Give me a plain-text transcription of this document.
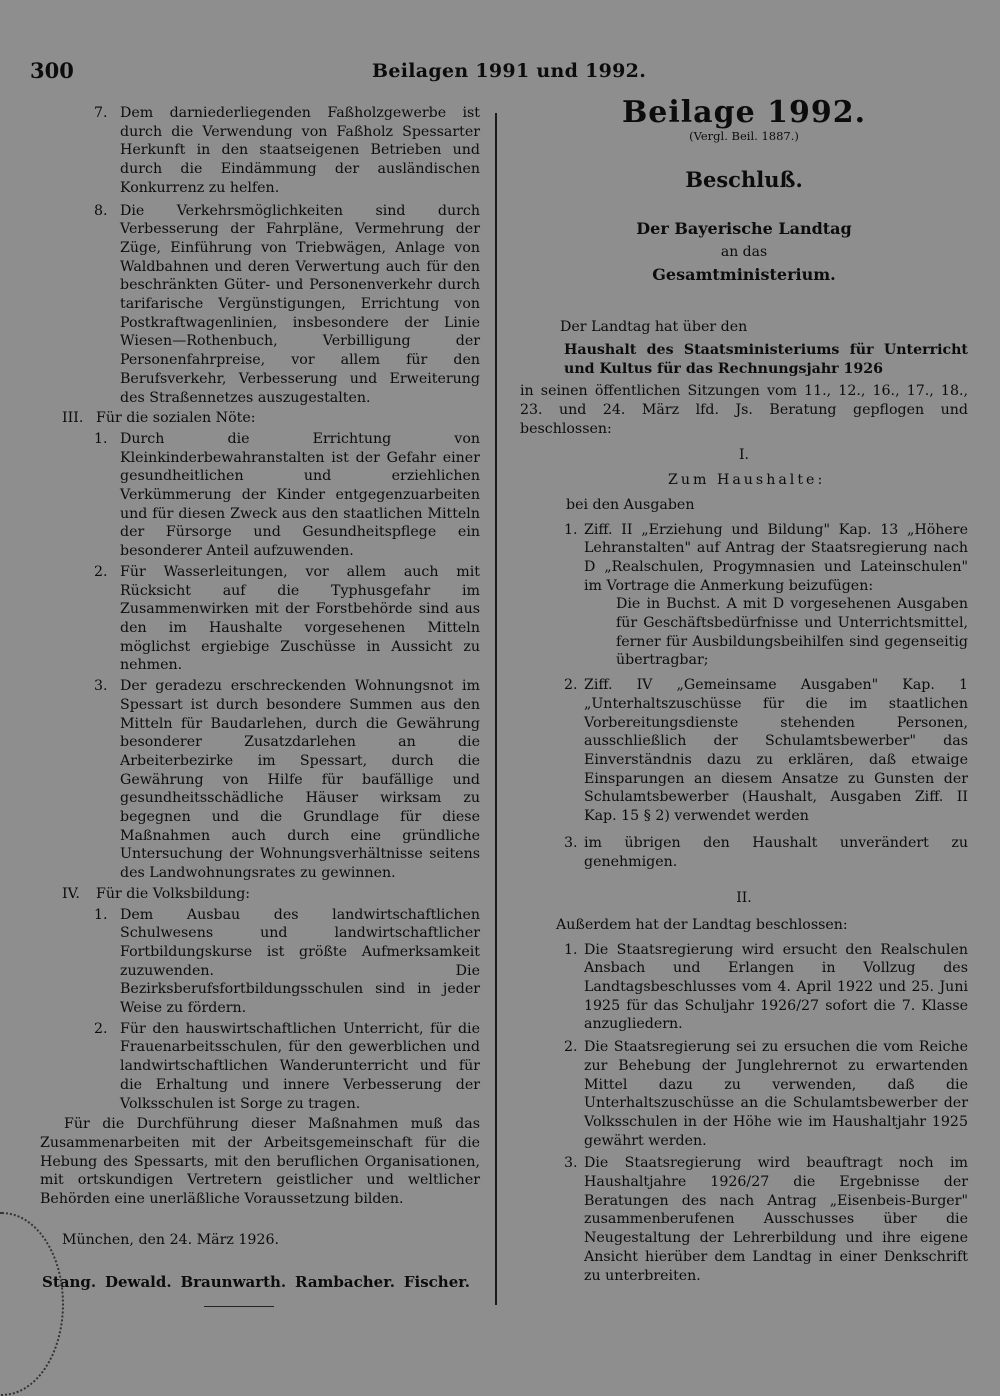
300	Beilagen 1991 und 1992.

7. Dem darniederliegenden Faßholzgewerbe ist durch die Verwendung von Faßholz Spessarter Herkunft in den staatseigenen Betrieben und durch die Eindämmung der ausländischen Konkurrenz zu helfen.

8. Die Verkehrsmöglichkeiten sind durch Verbesserung der Fahrpläne, Vermehrung der Züge, Einführung von Triebwägen, Anlage von Waldbahnen und deren Verwertung auch für den beschränkten Güter- und Personenverkehr durch tarifarische Vergünstigungen, Errichtung von Postkraftwagenlinien, insbesondere der Linie Wiesen—Rothenbuch, Verbilligung der Personenfahrpreise, vor allem für den Berufsverkehr, Verbesserung und Erweiterung des Straßennetzes auszugestalten.

III. Für die sozialen Nöte:

1. Durch die Errichtung von Kleinkinderbewahranstalten ist der Gefahr einer gesundheitlichen und erziehlichen Verkümmerung der Kinder entgegenzuarbeiten und für diesen Zweck aus den staatlichen Mitteln der Fürsorge und Gesundheitspflege ein besonderer Anteil aufzuwenden.

2. Für Wasserleitungen, vor allem auch mit Rücksicht auf die Typhusgefahr im Zusammenwirken mit der Forstbehörde sind aus den im Haushalte vorgesehenen Mitteln möglichst ergiebige Zuschüsse in Aussicht zu nehmen.

3. Der geradezu erschreckenden Wohnungsnot im Spessart ist durch besondere Summen aus den Mitteln für Baudarlehen, durch die Gewährung besonderer Zusatzdarlehen an die Arbeiterbezirke im Spessart, durch die Gewährung von Hilfe für baufällige und gesundheitsschädliche Häuser wirksam zu begegnen und die Grundlage für diese Maßnahmen auch durch eine gründliche Untersuchung der Wohnungsverhältnisse seitens des Landwohnungsrates zu gewinnen.

IV. Für die Volksbildung:

1. Dem Ausbau des landwirtschaftlichen Schulwesens und landwirtschaftlicher Fortbildungskurse ist größte Aufmerksamkeit zuzuwenden. Die Bezirksberufsfortbildungsschulen sind in jeder Weise zu fördern.

2. Für den hauswirtschaftlichen Unterricht, für die Frauenarbeitsschulen, für den gewerblichen und landwirtschaftlichen Wanderunterricht und für die Erhaltung und innere Verbesserung der Volksschulen ist Sorge zu tragen.

Für die Durchführung dieser Maßnahmen muß das Zusammenarbeiten mit der Arbeitsgemeinschaft für die Hebung des Spessarts, mit den beruflichen Organisationen, mit ortskundigen Vertretern geistlicher und weltlicher Behörden eine unerläßliche Voraussetzung bilden.

München, den 24. März 1926.

Stang. Dewald. Braunwarth. Rambacher. Fischer.
Beilage 1992.
(Vergl. Beil. 1887.)
Beschluß.
Der Bayerische Landtag
an das
Gesamtministerium.

Der Landtag hat über den

Haushalt des Staatsministeriums für Unterricht und Kultus für das Rechnungsjahr 1926

in seinen öffentlichen Sitzungen vom 11., 12., 16., 17., 18., 23. und 24. März lfd. Js. Beratung gepflogen und beschlossen:

I.

Zum Haushalte:

bei den Ausgaben

1. Ziff. II „Erziehung und Bildung" Kap. 13 „Höhere Lehranstalten" auf Antrag der Staatsregierung nach D „Realschulen, Progymnasien und Lateinschulen" im Vortrage die Anmerkung beizufügen:

Die in Buchst. A mit D vorgesehenen Ausgaben für Geschäftsbedürfnisse und Unterrichtsmittel, ferner für Ausbildungsbeihilfen sind gegenseitig übertragbar;

2. Ziff. IV „Gemeinsame Ausgaben" Kap. 1 „Unterhaltszuschüsse für die im staatlichen Vorbereitungsdienste stehenden Personen, ausschließlich der Schulamtsbewerber" das Einverständnis dazu zu erklären, daß etwaige Einsparungen an diesem Ansatze zu Gunsten der Schulamtsbewerber (Haushalt, Ausgaben Ziff. II Kap. 15 § 2) verwendet werden

3. im übrigen den Haushalt unverändert zu genehmigen.

II.

Außerdem hat der Landtag beschlossen:

1. Die Staatsregierung wird ersucht den Realschulen Ansbach und Erlangen in Vollzug des Landtagsbeschlusses vom 4. April 1922 und 25. Juni 1925 für das Schuljahr 1926/27 sofort die 7. Klasse anzugliedern.

2. Die Staatsregierung sei zu ersuchen die vom Reiche zur Behebung der Junglehrernot zu erwartenden Mittel dazu zu verwenden, daß die Unterhaltszuschüsse an die Schulamtsbewerber der Volksschulen in der Höhe wie im Haushaltjahr 1925 gewährt werden.

3. Die Staatsregierung wird beauftragt noch im Haushaltjahre 1926/27 die Ergebnisse der Beratungen des nach Antrag „Eisenbeis-Burger" zusammenberufenen Ausschusses über die Neugestaltung der Lehrerbildung und ihre eigene Ansicht hierüber dem Landtag in einer Denkschrift zu unterbreiten.
